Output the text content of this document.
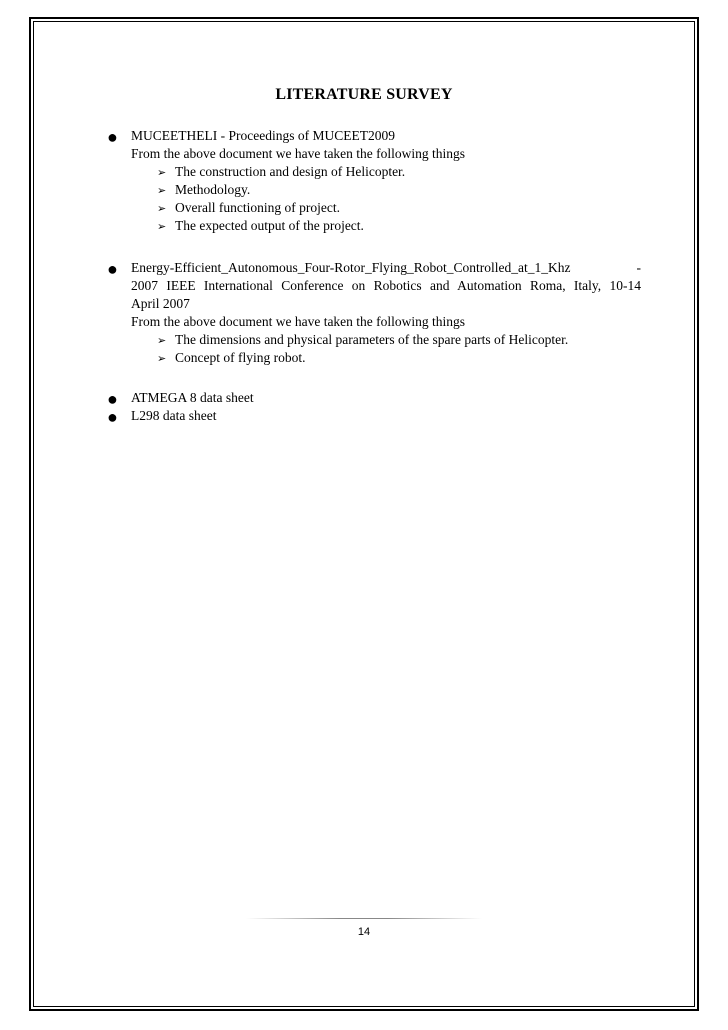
LITERATURE SURVEY
● MUCEETHELI - Proceedings of MUCEET2009
From the above document we have taken the following things
➢ The construction and design of Helicopter.
➢ Methodology.
➢ Overall functioning of project.
➢ The expected output of the project.
● Energy-Efficient_Autonomous_Four-Rotor_Flying_Robot_Controlled_at_1_Khz	-
2007 IEEE International Conference on Robotics and Automation Roma, Italy, 10-14
April 2007
From the above document we have taken the following things
➢ The dimensions and physical parameters of the spare parts of Helicopter.
➢ Concept of flying robot.
● ATMEGA 8 data sheet
● L298 data sheet
14
